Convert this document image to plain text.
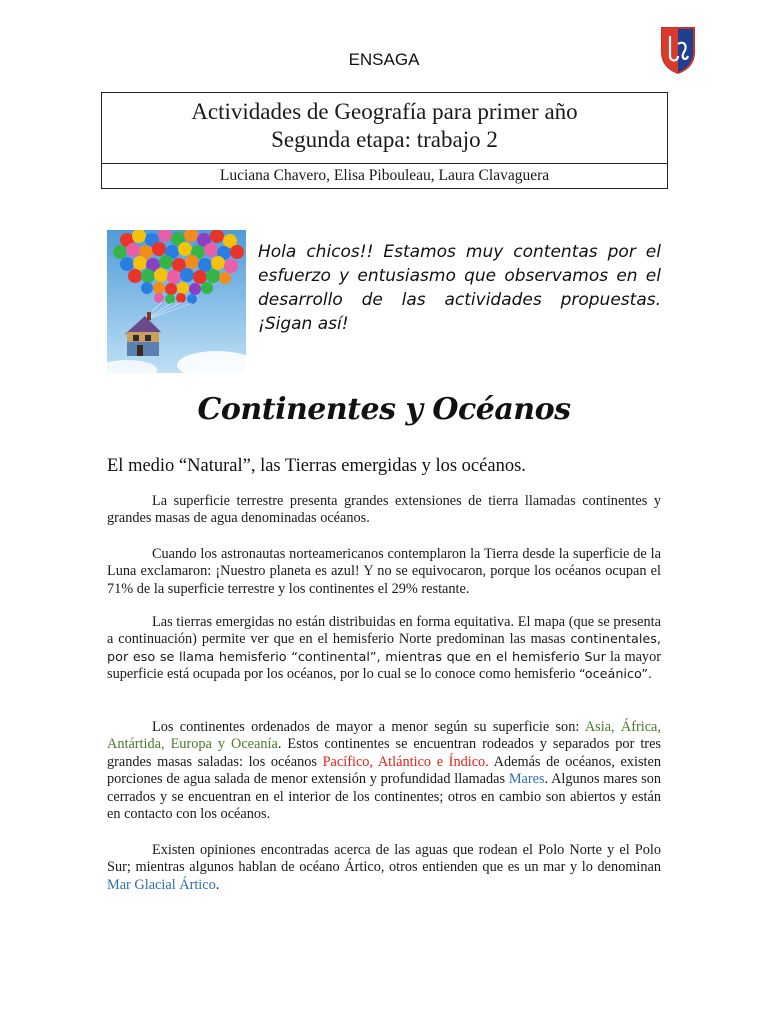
ENSAGA
Actividades de Geografía para primer año
Segunda etapa: trabajo 2
Luciana Chavero, Elisa Pibouleau, Laura Clavaguera
Hola chicos!! Estamos muy contentas por el esfuerzo y entusiasmo que observamos en el desarrollo de las actividades propuestas. ¡Sigan así!
Continentes y Océanos
El medio “Natural”, las Tierras emergidas y los océanos.
La superficie terrestre presenta grandes extensiones de tierra llamadas continentes y grandes masas de agua denominadas océanos.
Cuando los astronautas norteamericanos contemplaron la Tierra desde la superficie de la Luna exclamaron: ¡Nuestro planeta es azul! Y no se equivocaron, porque los océanos ocupan el 71% de la superficie terrestre y los continentes el 29% restante.
Las tierras emergidas no están distribuidas en forma equitativa. El mapa (que se presenta a continuación) permite ver que en el hemisferio Norte predominan las masas continentales, por eso se llama hemisferio “continental”, mientras que en el hemisferio Sur la mayor superficie está ocupada por los océanos, por lo cual se lo conoce como hemisferio “oceánico”.
Los continentes ordenados de mayor a menor según su superficie son: Asia, África, Antártida, Europa y Oceanía. Estos continentes se encuentran rodeados y separados por tres grandes masas saladas: los océanos Pacífico, Atlántico e Índico. Además de océanos, existen porciones de agua salada de menor extensión y profundidad llamadas Mares. Algunos mares son cerrados y se encuentran en el interior de los continentes; otros en cambio son abiertos y están en contacto con los océanos.
Existen opiniones encontradas acerca de las aguas que rodean el Polo Norte y el Polo Sur; mientras algunos hablan de océano Ártico, otros entienden que es un mar y lo denominan Mar Glacial Ártico.
